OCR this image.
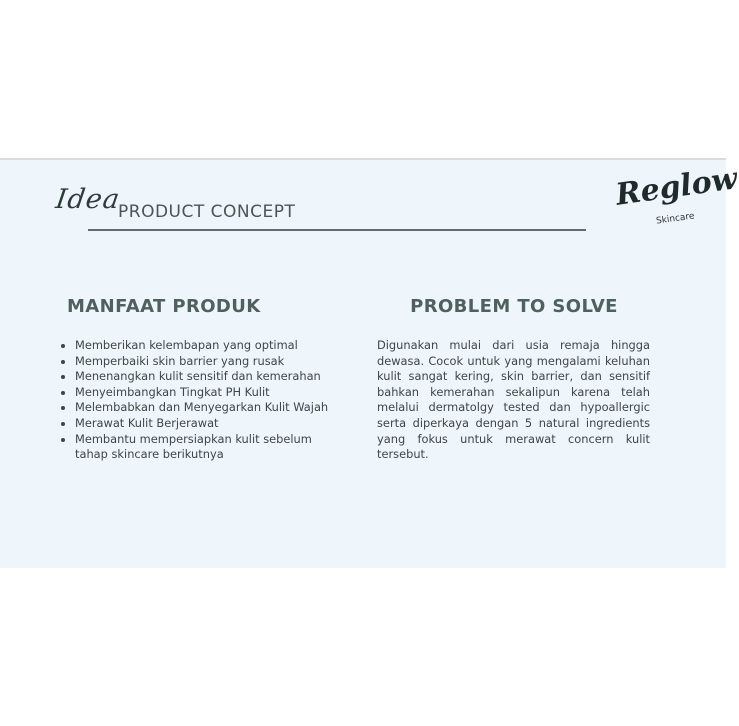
Idea
PRODUCT CONCEPT	Reglow
Skincare
MANFAAT PRODUK
• Memberikan kelembapan yang optimal
• Memperbaiki skin barrier yang rusak
• Menenangkan kulit sensitif dan kemerahan
• Menyeimbangkan Tingkat PH Kulit
• Melembabkan dan Menyegarkan Kulit Wajah
• Merawat Kulit Berjerawat
• Membantu mempersiapkan kulit sebelum tahap skincare berikutnya
PROBLEM TO SOLVE

Digunakan mulai dari usia remaja hingga dewasa. Cocok untuk yang mengalami keluhan kulit sangat kering, skin barrier, dan sensitif bahkan kemerahan sekalipun karena telah melalui dermatolgy tested dan hypoallergic serta diperkaya dengan 5 natural ingredients yang fokus untuk merawat concern kulit tersebut.
